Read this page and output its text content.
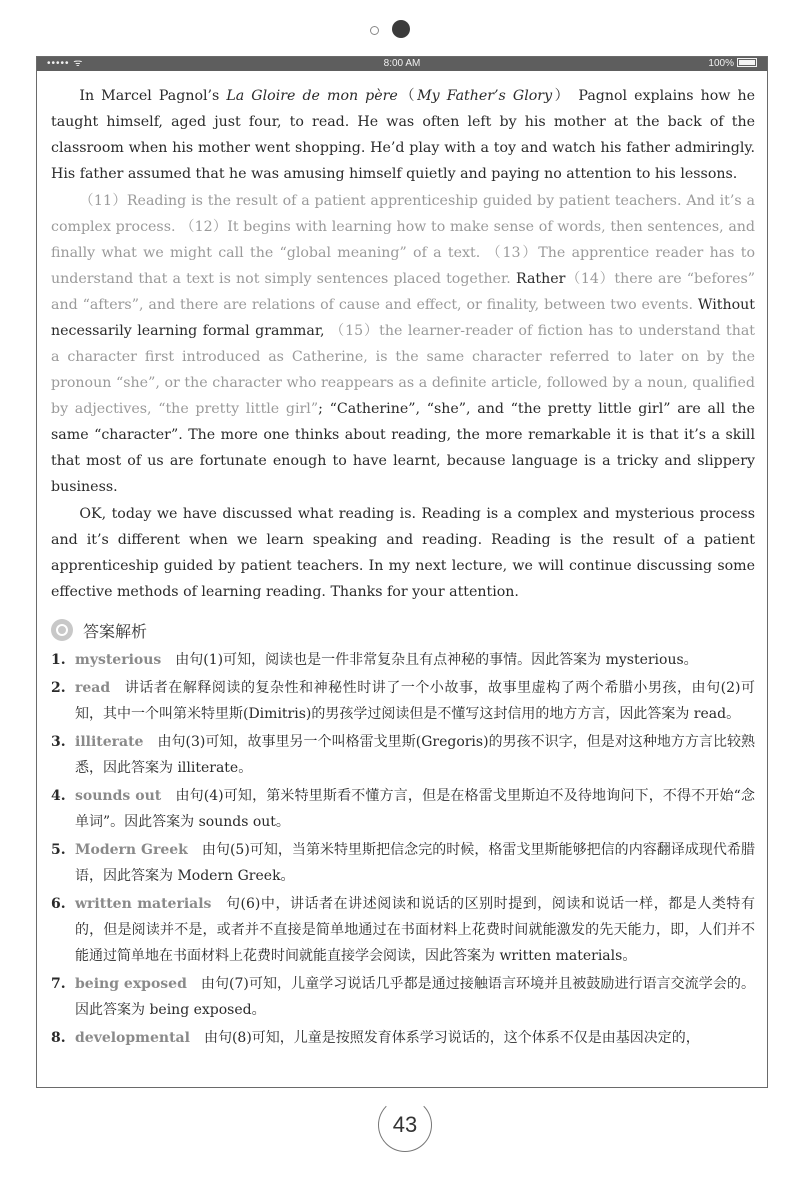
••••• ᯤ	8:00 AM	100%

In Marcel Pagnol’s La Gloire de mon père（My Father’s Glory） Pagnol explains how he taught himself, aged just four, to read. He was often left by his mother at the back of the classroom when his mother went shopping. He’d play with a toy and watch his father admiringly. His father assumed that he was amusing himself quietly and paying no attention to his lessons.

（11）Reading is the result of a patient apprenticeship guided by patient teachers. And it’s a complex process. （12）It begins with learning how to make sense of words, then sentences, and finally what we might call the “global meaning” of a text. （13）The apprentice reader has to understand that a text is not simply sentences placed together. Rather（14）there are “befores” and “afters”, and there are relations of cause and effect, or finality, between two events. Without necessarily learning formal grammar, （15）the learner-reader of fiction has to understand that a character first introduced as Catherine, is the same character referred to later on by the pronoun “she”, or the character who reappears as a definite article, followed by a noun, qualified by adjectives, “the pretty little girl”; “Catherine”, “she”, and “the pretty little girl” are all the same “character”. The more one thinks about reading, the more remarkable it is that it’s a skill that most of us are fortunate enough to have learnt, because language is a tricky and slippery business.

OK, today we have discussed what reading is. Reading is a complex and mysterious process and it’s different when we learn speaking and reading. Reading is the result of a patient apprenticeship guided by patient teachers. In my next lecture, we will continue discussing some effective methods of learning reading. Thanks for your attention.

答案解析
1. mysterious 由句(1)可知，阅读也是一件非常复杂且有点神秘的事情。因此答案为 mysterious。
2. read 讲话者在解释阅读的复杂性和神秘性时讲了一个小故事，故事里虚构了两个希腊小男孩，由句(2)可知，其中一个叫第米特里斯(Dimitris)的男孩学过阅读但是不懂写这封信用的地方方言，因此答案为 read。
3. illiterate 由句(3)可知，故事里另一个叫格雷戈里斯(Gregoris)的男孩不识字，但是对这种地方方言比较熟悉，因此答案为 illiterate。
4. sounds out 由句(4)可知，第米特里斯看不懂方言，但是在格雷戈里斯迫不及待地询问下，不得不开始“念单词”。因此答案为 sounds out。
5. Modern Greek 由句(5)可知，当第米特里斯把信念完的时候，格雷戈里斯能够把信的内容翻译成现代希腊语，因此答案为 Modern Greek。
6. written materials 句(6)中，讲话者在讲述阅读和说话的区别时提到，阅读和说话一样，都是人类特有的，但是阅读并不是，或者并不直接是简单地通过在书面材料上花费时间就能激发的先天能力，即，人们并不能通过简单地在书面材料上花费时间就能直接学会阅读，因此答案为 written materials。
7. being exposed 由句(7)可知，儿童学习说话几乎都是通过接触语言环境并且被鼓励进行语言交流学会的。因此答案为 being exposed。
8. developmental 由句(8)可知，儿童是按照发育体系学习说话的，这个体系不仅是由基因决定的，
43
